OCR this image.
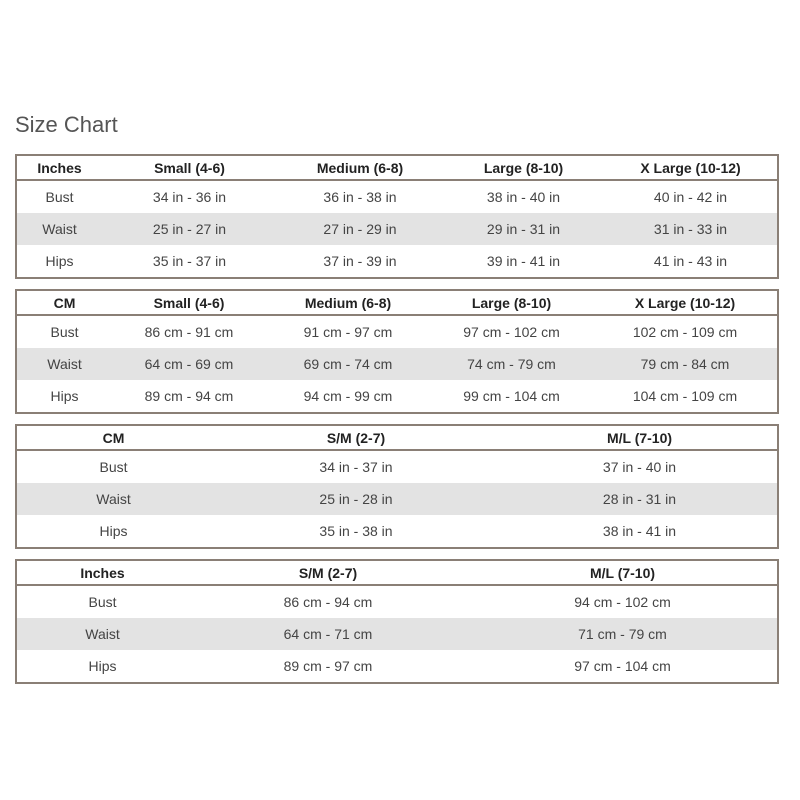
Size Chart
Inches	Small (4-6)	Medium (6-8)	Large (8-10)	X Large (10-12)
Bust	34 in - 36 in	36 in - 38 in	38 in - 40 in	40 in - 42 in
Waist	25 in - 27 in	27 in - 29 in	29 in - 31 in	31 in - 33 in
Hips	35 in - 37 in	37 in - 39 in	39 in - 41 in	41 in - 43 in
CM	Small (4-6)	Medium (6-8)	Large (8-10)	X Large (10-12)
Bust	86 cm - 91 cm	91 cm - 97 cm	97 cm - 102 cm	102 cm - 109 cm
Waist	64 cm - 69 cm	69 cm - 74 cm	74 cm - 79 cm	79 cm - 84 cm
Hips	89 cm - 94 cm	94 cm - 99 cm	99 cm - 104 cm	104 cm - 109 cm
CM	S/M (2-7)	M/L (7-10)
Bust	34 in - 37 in	37 in - 40 in
Waist	25 in - 28 in	28 in - 31 in
Hips	35 in - 38 in	38 in - 41 in
Inches	S/M (2-7)	M/L (7-10)
Bust	86 cm - 94 cm	94 cm - 102 cm
Waist	64 cm - 71 cm	71 cm - 79 cm
Hips	89 cm - 97 cm	97 cm - 104 cm
